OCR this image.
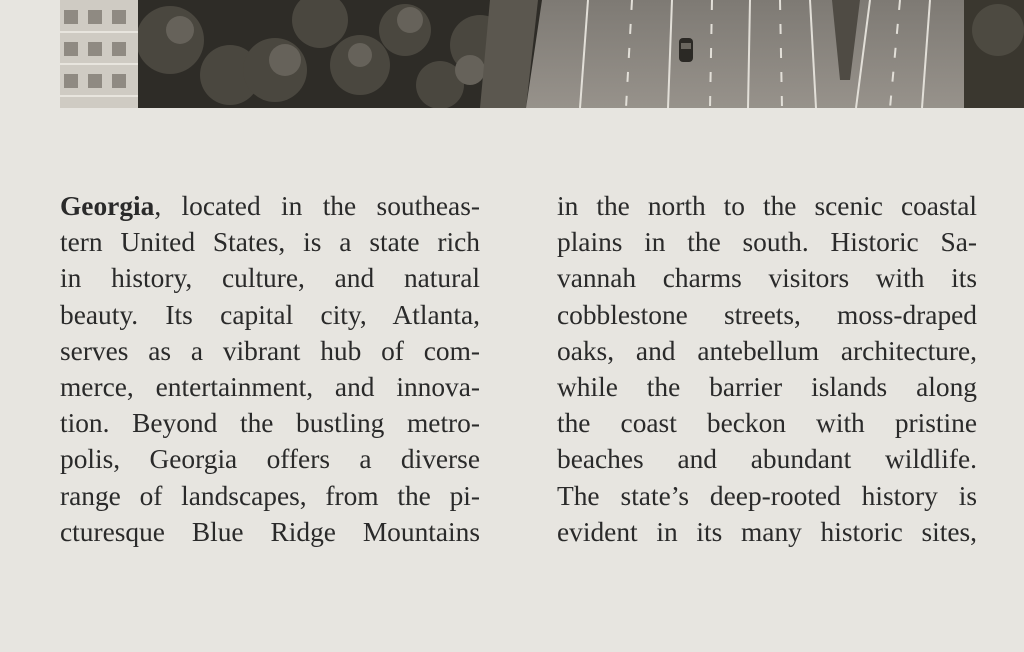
Georgia, located in the southeas-
tern United States, is a state rich
in history, culture, and natural
beauty. Its capital city, Atlanta,
serves as a vibrant hub of com-
merce, entertainment, and innova-
tion. Beyond the bustling metro-
polis, Georgia offers a diverse
range of landscapes, from the pi-
cturesque Blue Ridge Mountains
in the north to the scenic coastal
plains in the south. Historic Sa-
vannah charms visitors with its
cobblestone streets, moss-draped
oaks, and antebellum architecture,
while the barrier islands along
the coast beckon with pristine
beaches and abundant wildlife.
The state’s deep-rooted history is
evident in its many historic sites,
